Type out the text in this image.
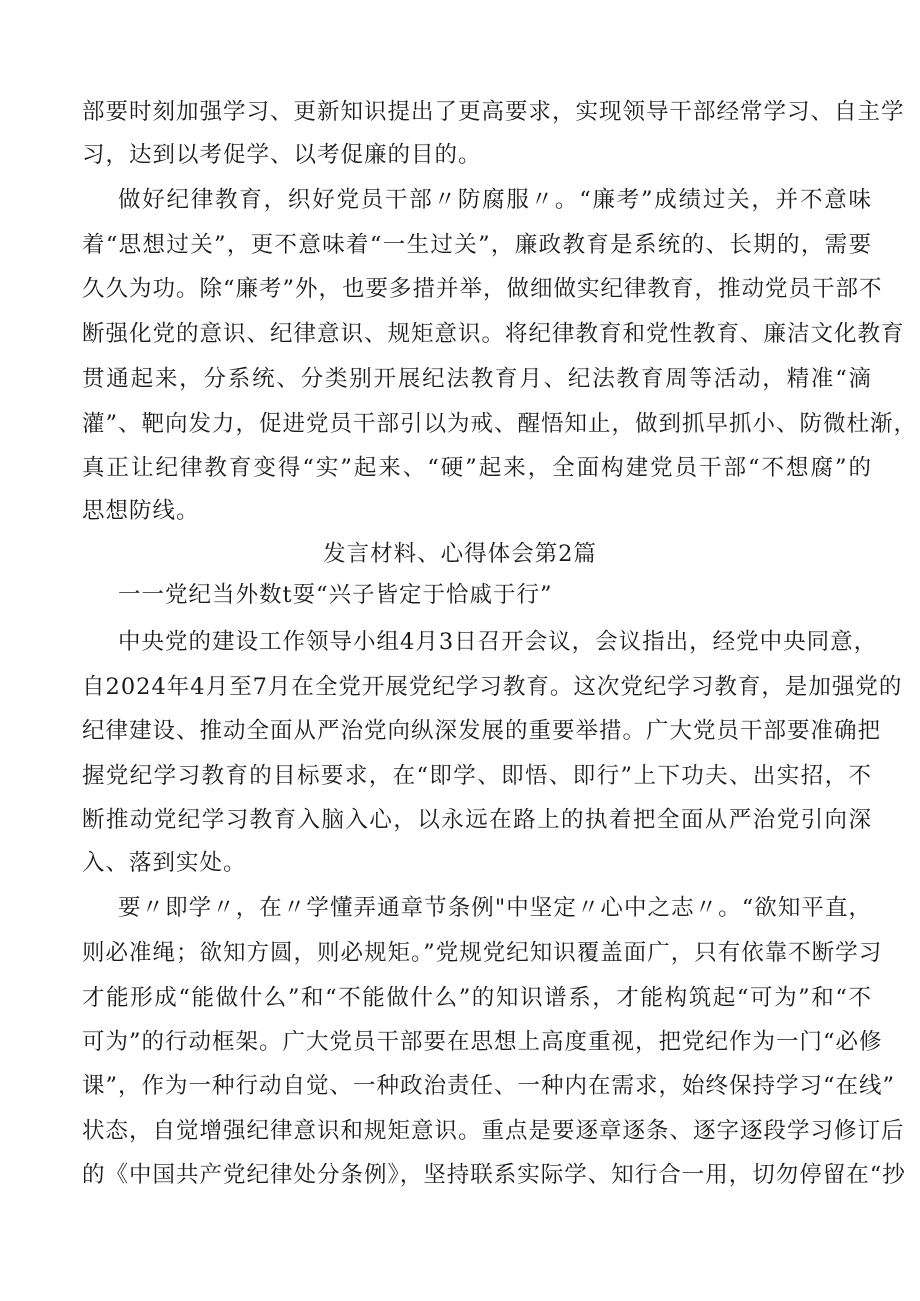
部要时刻加强学习、更新知识提出了更高要求，实现领导干部经常学习、自主学
习，达到以考促学、以考促廉的目的。
做好纪律教育，织好党员干部〃防腐服〃。“廉考”成绩过关，并不意味
着“思想过关”，更不意味着“一生过关”，廉政教育是系统的、长期的，需要
久久为功。除“廉考”外，也要多措并举，做细做实纪律教育，推动党员干部不
断强化党的意识、纪律意识、规矩意识。将纪律教育和党性教育、廉洁文化教育
贯通起来，分系统、分类别开展纪法教育月、纪法教育周等活动，精准“滴
灌”、靶向发力，促进党员干部引以为戒、醒悟知止，做到抓早抓小、防微杜渐，
真正让纪律教育变得“实”起来、“硬”起来，全面构建党员干部“不想腐”的
思想防线。
发言材料、心得体会第2篇
一一党纪当外数t耍“兴子皆定于恰戚于行”
中央党的建设工作领导小组4月3日召开会议，会议指出，经党中央同意，
自2024年4月至7月在全党开展党纪学习教育。这次党纪学习教育，是加强党的
纪律建设、推动全面从严治党向纵深发展的重要举措。广大党员干部要准确把
握党纪学习教育的目标要求，在“即学、即悟、即行”上下功夫、出实招，不
断推动党纪学习教育入脑入心，以永远在路上的执着把全面从严治党引向深
入、落到实处。
要〃即学〃，在〃学懂弄通章节条例"中坚定〃心中之志〃。“欲知平直，
则必准绳；欲知方圆，则必规矩。”党规党纪知识覆盖面广，只有依靠不断学习
才能形成“能做什么”和“不能做什么”的知识谱系，才能构筑起“可为”和“不
可为”的行动框架。广大党员干部要在思想上高度重视，把党纪作为一门“必修
课”，作为一种行动自觉、一种政治责任、一种内在需求，始终保持学习“在线”
状态，自觉增强纪律意识和规矩意识。重点是要逐章逐条、逐字逐段学习修订后
的《中国共产党纪律处分条例》，坚持联系实际学、知行合一用，切勿停留在“抄
